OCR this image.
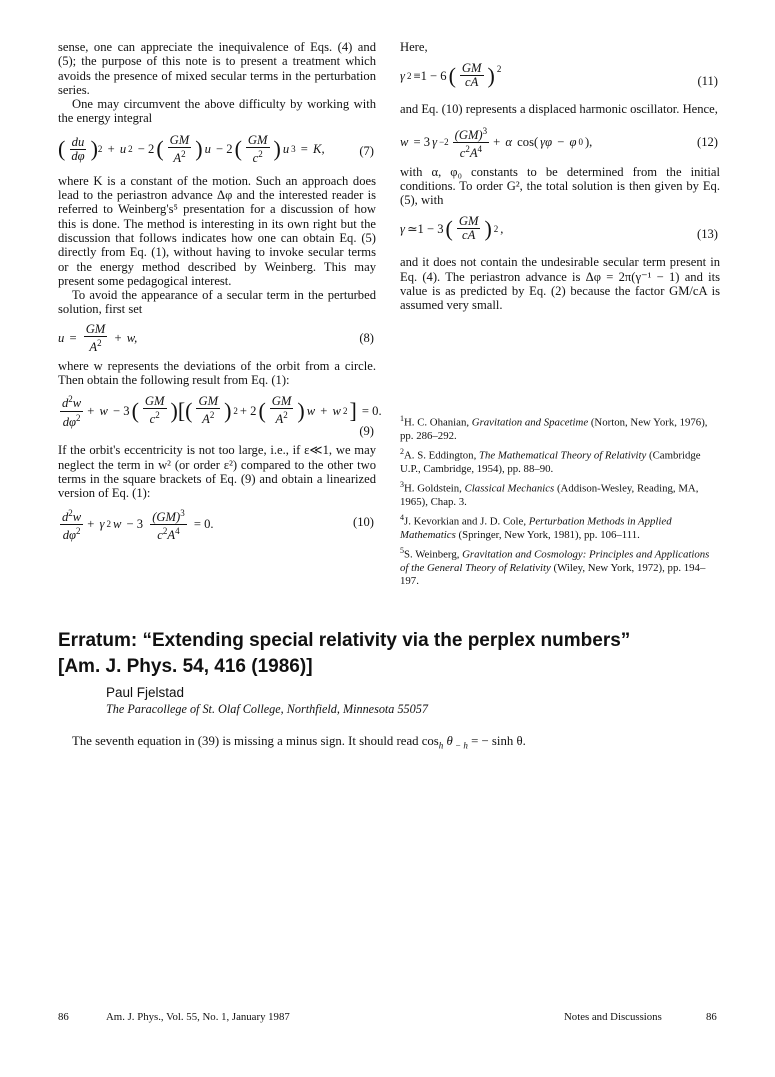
sense, one can appreciate the inequivalence of Eqs. (4) and (5); the purpose of this note is to present a treatment which avoids the presence of mixed secular terms in the perturbation series.

One may circumvent the above difficulty by working with the energy integral

( $\frac{du}{d\varphi}$ ) 2 + u 2 − 2 ( $\frac{GM}{A^2}$ ) u − 2 ( $\frac{GM}{c^2}$ ) u 3 = K,	(7)

where K is a constant of the motion. Such an approach does lead to the periastron advance Δφ and the interested reader is referred to Weinberg's⁵ presentation for a discussion of how this is done. The method is interesting in its own right but the discussion that follows indicates how one can obtain Eq. (5) directly from Eq. (1), without having to invoke secular terms or the energy method described by Weinberg. This may present some pedagogical interest.

To avoid the appearance of a secular term in the perturbed solution, first set

$u = \frac{GM}{A^2} + w$,	(8)

where w represents the deviations of the orbit from a circle. Then obtain the following result from Eq. (1):

$\frac{d^2w}{d\varphi^2} + w - 3$ ( $\frac{GM}{c^2}$ )[( $\frac{GM}{A^2}$ ) 2 + 2 ( $\frac{GM}{A^2}$ ) w + w 2 ] = 0.
(9)

If the orbit's eccentricity is not too large, i.e., if ε≪1, we may neglect the term in w² (or order ε²) compared to the other two terms in the square brackets of Eq. (9) and obtain a linearized version of Eq. (1):

$\frac{d^2w}{d\varphi^2} + \gamma$ 2 $w - 3 \frac{(GM)^3}{c^2A^4} = 0$.	(10)

Here,

γ 2 ≡1 − 6 ( $\frac{GM}{cA}$ ) 2
(11)

and Eq. (10) represents a displaced harmonic oscillator. Hence,

w = 3 $\gamma -2 \frac{(GM)^3}{c^2A^4} + \alpha$ cos( γφ − φ 0 ),	(12)

with α, φ₀ constants to be determined from the initial conditions. To order G², the total solution is then given by Eq. (5), with

γ ≃1 − 3 ( $\frac{GM}{cA}$ ) 2 ,	(13)

and it does not contain the undesirable secular term present in Eq. (4). The periastron advance is Δφ = 2π(γ⁻¹ − 1) and its value is as predicted by Eq. (2) because the factor GM/cA is assumed very small.

$^1$H. C. Ohanian, Gravitation and Spacetime (Norton, New York, 1976), pp. 286–292.
$^2$A. S. Eddington, The Mathematical Theory of Relativity (Cambridge U.P., Cambridge, 1954), pp. 88–90.
$^3$H. Goldstein, Classical Mechanics (Addison-Wesley, Reading, MA, 1965), Chap. 3.
$^4$J. Kevorkian and J. D. Cole, Perturbation Methods in Applied Mathematics (Springer, New York, 1981), pp. 106–111.
$^5$S. Weinberg, Gravitation and Cosmology: Principles and Applications of the General Theory of Relativity (Wiley, New York, 1972), pp. 194–197.
Erratum: “Extending special relativity via the perplex numbers”
[Am. J. Phys. 54, 416 (1986)]
Paul Fjelstad
The Paracollege of St. Olaf College, Northfield, Minnesota 55057
The seventh equation in (39) is missing a minus sign. It should read $\cos_h \theta$ $_{- h}$ = − sinh θ.
86	Am. J. Phys., Vol. 55, No. 1, January 1987	Notes and Discussions	86
